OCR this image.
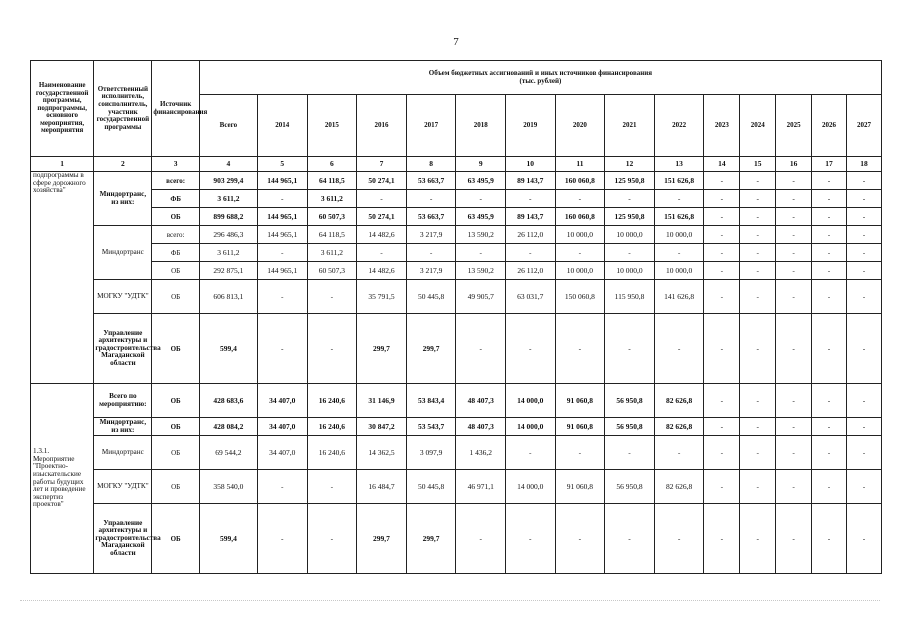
7
Наименование государственной программы, подпрограммы, основного мероприятия, мероприятия	Ответственный исполнитель, соисполнитель, участник государственной программы	Источник финансирования	Объем бюджетных ассигнований и иных источников финансирования
(тыс. рублей)														

			Всего	2014	2015	2016	2017	2018	2019	2020	2021	2022	2023	2024	2025	2026	2027
1	2	3	4	5	6	7	8	9	10	11	12	13	14	15	16	17	18
подпрограммы в сфере дорожного хозяйства"	Миндортранс, из них:	всего:	903 299,4	144 965,1	64 118,5	50 274,1	53 663,7	63 495,9	89 143,7	160 060,8	125 950,8	151 626,8	-	-	-	-	-
		ФБ	3 611,2	-	3 611,2	-	-	-	-	-	-	-	-	-	-	-	-
		ОБ	899 688,2	144 965,1	60 507,3	50 274,1	53 663,7	63 495,9	89 143,7	160 060,8	125 950,8	151 626,8	-	-	-	-	-
	Миндортранс	всего:	296 486,3	144 965,1	64 118,5	14 482,6	3 217,9	13 590,2	26 112,0	10 000,0	10 000,0	10 000,0	-	-	-	-	-
		ФБ	3 611,2	-	3 611,2	-	-	-	-	-	-	-	-	-	-	-	-
		ОБ	292 875,1	144 965,1	60 507,3	14 482,6	3 217,9	13 590,2	26 112,0	10 000,0	10 000,0	10 000,0	-	-	-	-	-
	МОГКУ "УДТК"	ОБ	606 813,1	-	-	35 791,5	50 445,8	49 905,7	63 031,7	150 060,8	115 950,8	141 626,8	-	-	-	-	-
	Управление архитектуры и градостроительства Магаданской области	ОБ	599,4	-	-	299,7	299,7	-	-	-	-	-	-	-	-	-	-
1.3.1. Мероприятие "Проектно-изыскательские работы будущих лет и проведение экспертиз проектов"	Всего по мероприятию:	ОБ	428 683,6	34 407,0	16 240,6	31 146,9	53 843,4	48 407,3	14 000,0	91 060,8	56 950,8	82 626,8	-	-	-	-	-
	Миндортранс, из них:	ОБ	428 084,2	34 407,0	16 240,6	30 847,2	53 543,7	48 407,3	14 000,0	91 060,8	56 950,8	82 626,8	-	-	-	-	-
	Миндортранс	ОБ	69 544,2	34 407,0	16 240,6	14 362,5	3 097,9	1 436,2	-	-	-	-	-	-	-	-	-
	МОГКУ "УДТК"	ОБ	358 540,0	-	-	16 484,7	50 445,8	46 971,1	14 000,0	91 060,8	56 950,8	82 626,8	-	-	-	-	-
	Управление архитектуры и градостроительства Магаданской области	ОБ	599,4	-	-	299,7	299,7	-	-	-	-	-	-	-	-	-	-
